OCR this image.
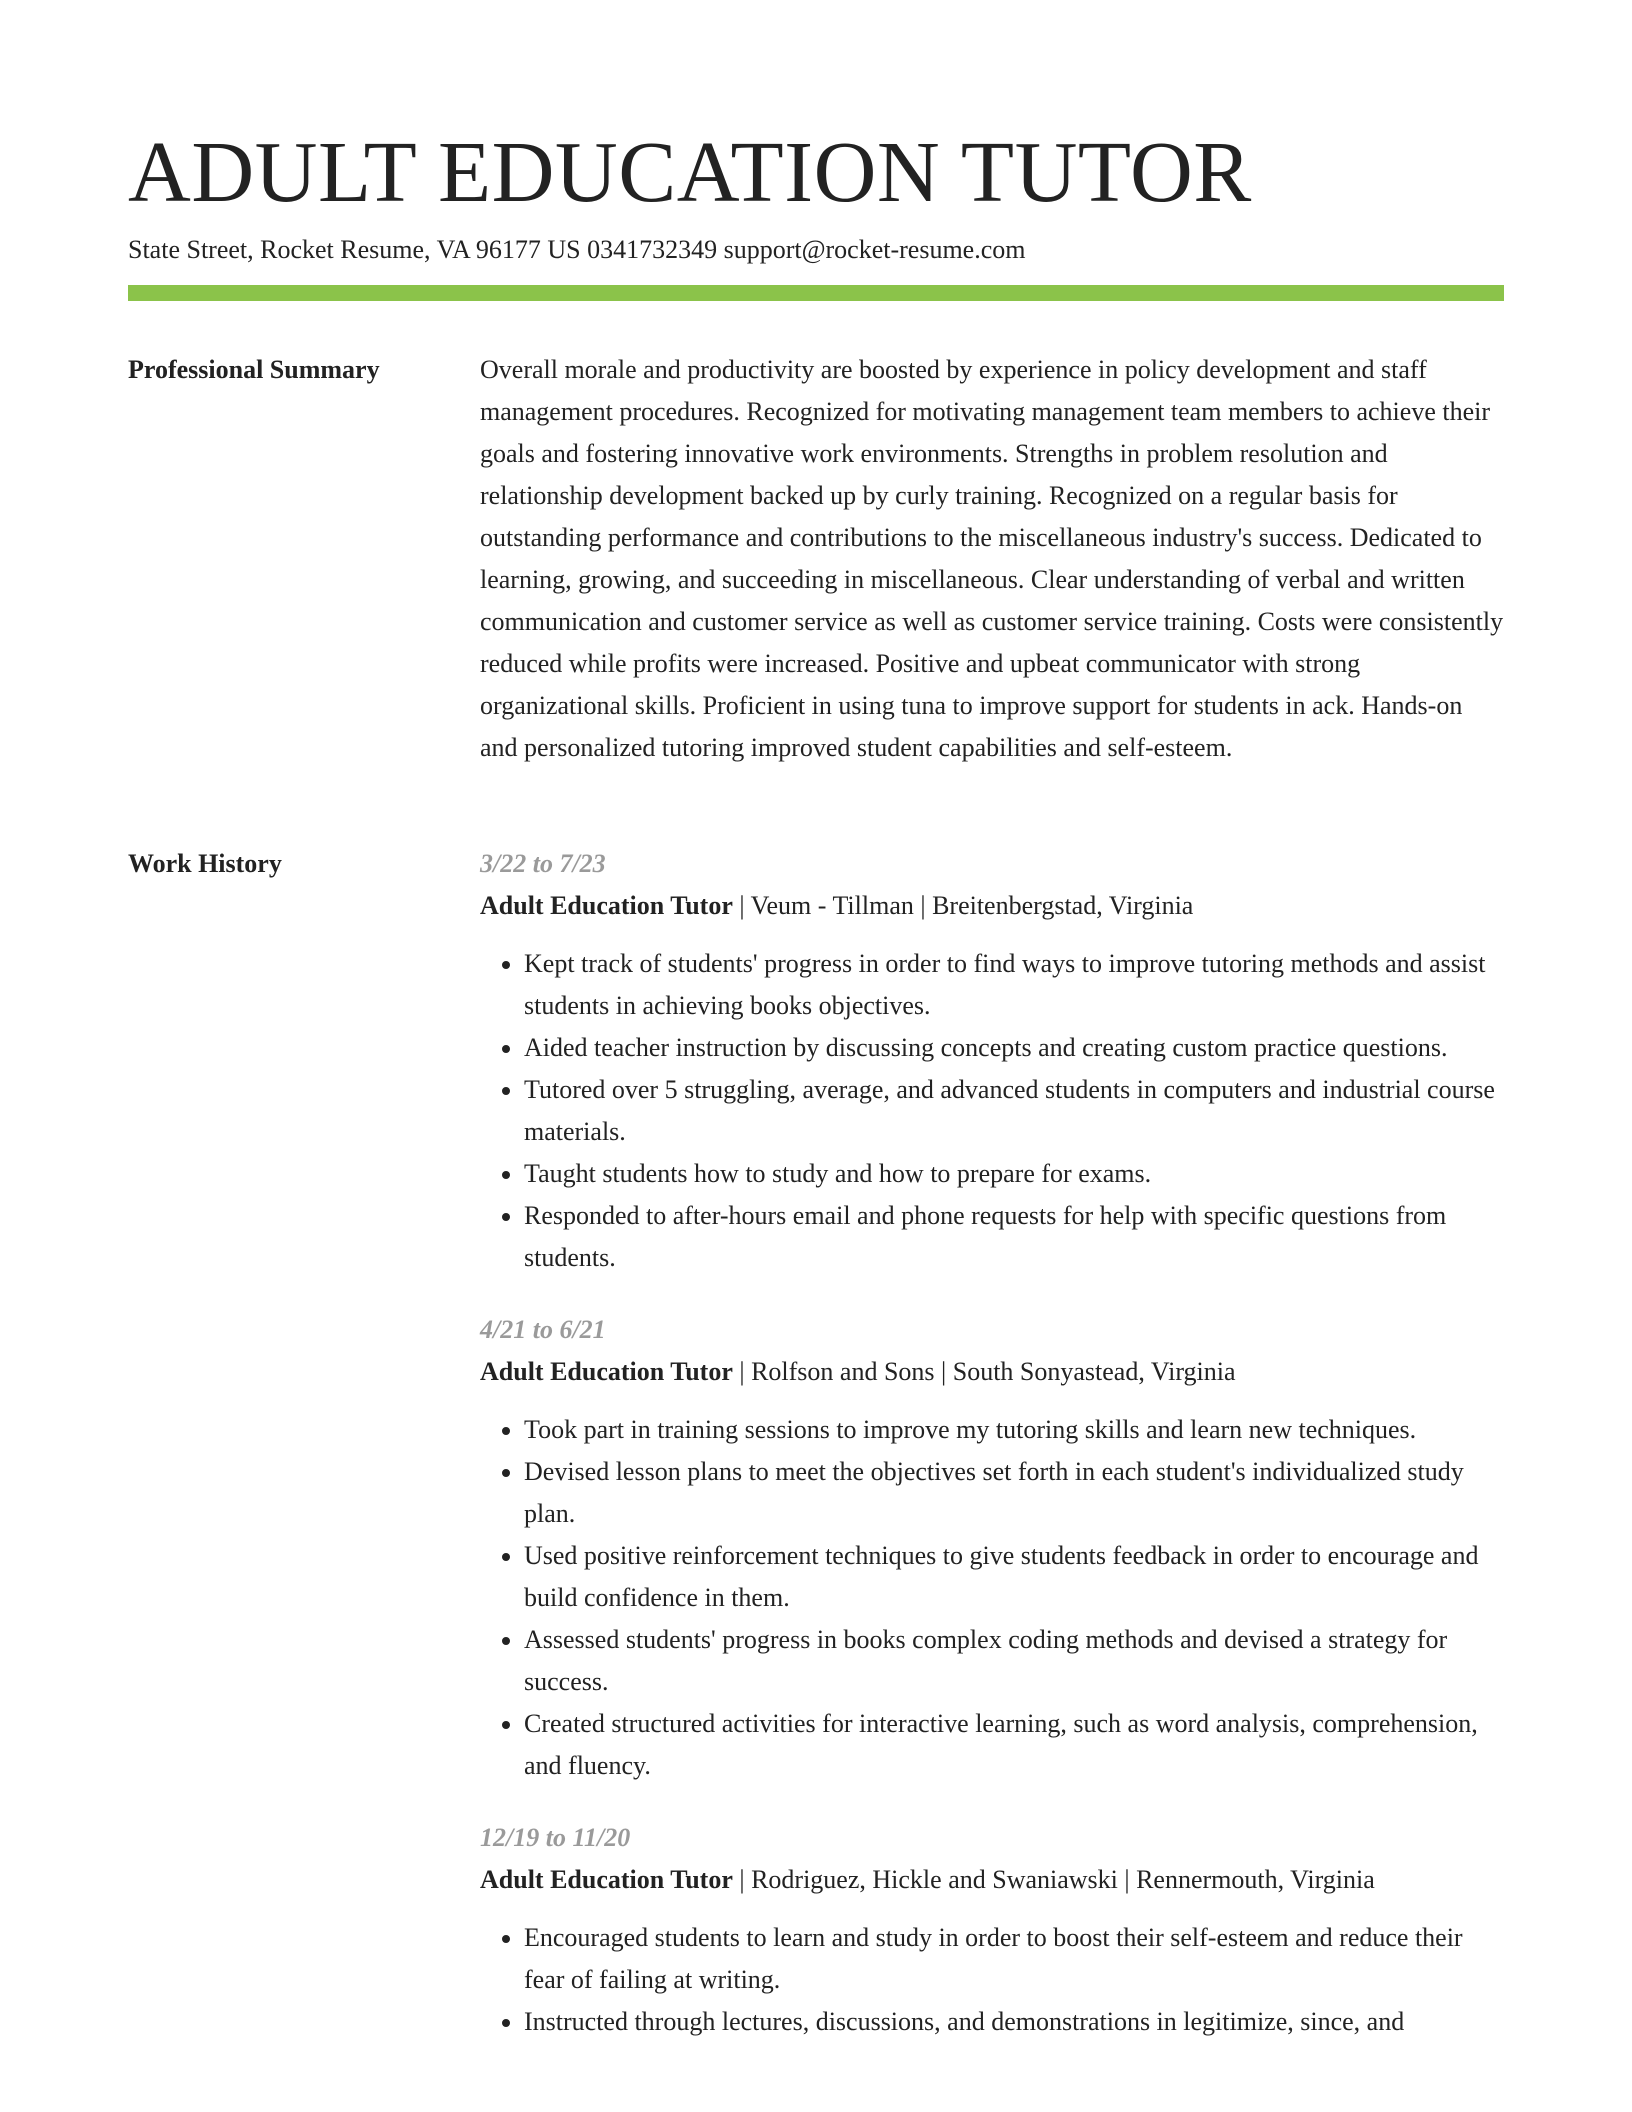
ADULT EDUCATION TUTOR
State Street, Rocket Resume, VA 96177 US 0341732349 support@rocket-resume.com
Professional Summary	Overall morale and productivity are boosted by experience in policy development and staff management procedures. Recognized for motivating management team members to achieve their goals and fostering innovative work environments. Strengths in problem resolution and relationship development backed up by curly training. Recognized on a regular basis for outstanding performance and contributions to the miscellaneous industry's success. Dedicated to learning, growing, and succeeding in miscellaneous. Clear understanding of verbal and written communication and customer service as well as customer service training. Costs were consistently reduced while profits were increased. Positive and upbeat communicator with strong organizational skills. Proficient in using tuna to improve support for students in ack. Hands-on and personalized tutoring improved student capabilities and self-esteem.

Work History	3/22 to 7/23
Adult Education Tutor | Veum - Tillman | Breitenbergstad, Virginia
• Kept track of students' progress in order to find ways to improve tutoring methods and assist students in achieving books objectives.
• Aided teacher instruction by discussing concepts and creating custom practice questions.
• Tutored over 5 struggling, average, and advanced students in computers and industrial course materials.
• Taught students how to study and how to prepare for exams.
• Responded to after-hours email and phone requests for help with specific questions from students.
4/21 to 6/21
Adult Education Tutor | Rolfson and Sons | South Sonyastead, Virginia
• Took part in training sessions to improve my tutoring skills and learn new techniques.
• Devised lesson plans to meet the objectives set forth in each student's individualized study plan.
• Used positive reinforcement techniques to give students feedback in order to encourage and build confidence in them.
• Assessed students' progress in books complex coding methods and devised a strategy for success.
• Created structured activities for interactive learning, such as word analysis, comprehension, and fluency.
12/19 to 11/20
Adult Education Tutor | Rodriguez, Hickle and Swaniawski | Rennermouth, Virginia
• Encouraged students to learn and study in order to boost their self-esteem and reduce their fear of failing at writing.
• Instructed through lectures, discussions, and demonstrations in legitimize, since, and
